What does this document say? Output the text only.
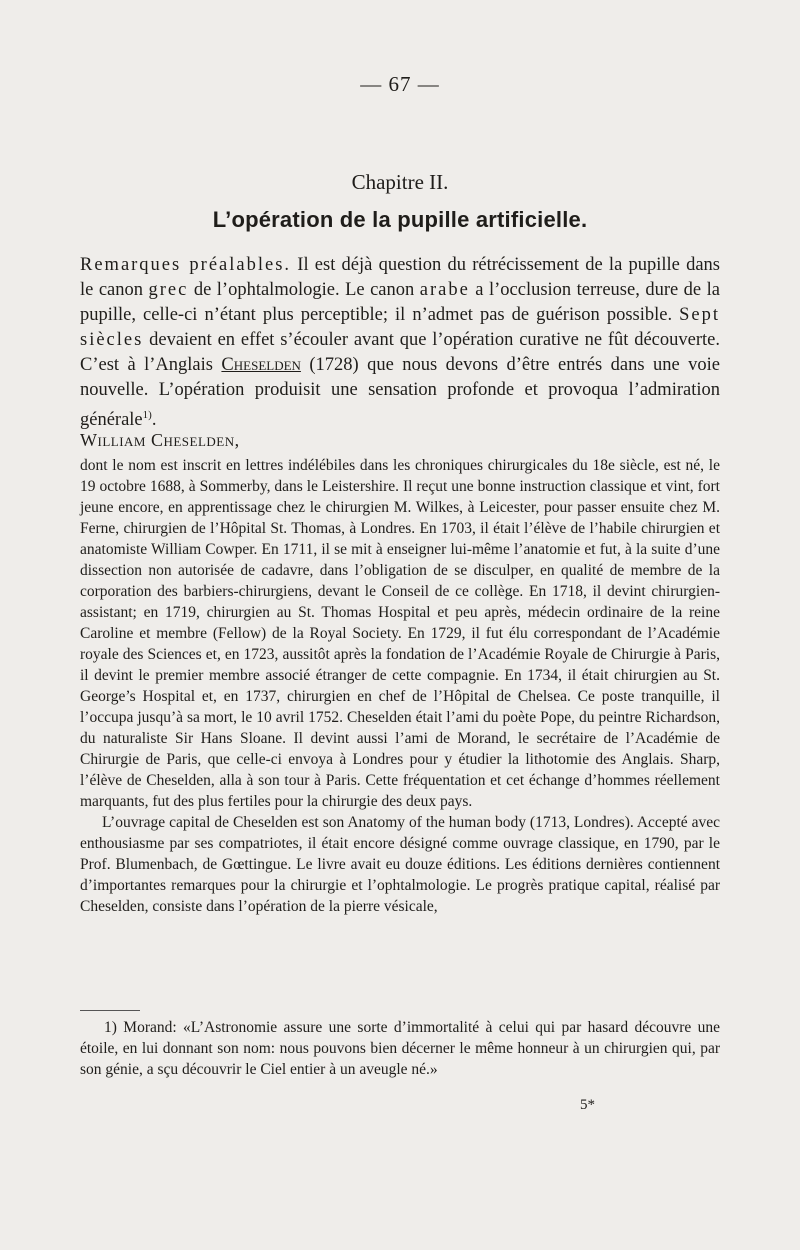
— 67 —
Chapitre II.
L’opération de la pupille artificielle.

Remarques préalables. Il est déjà question du rétrécissement de la pupille dans le canon grec de l’ophtalmologie. Le canon arabe a l’occlusion terreuse, dure de la pupille, celle-ci n’étant plus perceptible; il n’admet pas de guérison possible. Sept siècles devaient en effet s’écouler avant que l’opération curative ne fût découverte. C’est à l’Anglais Cheselden (1728) que nous devons d’être entrés dans une voie nouvelle. L’opération produisit une sensation profonde et provoqua l’admiration générale$^{1)}$.

William Cheselden,

dont le nom est inscrit en lettres indélébiles dans les chroniques chirurgicales du 18e siècle, est né, le 19 octobre 1688, à Sommerby, dans le Leistershire. Il reçut une bonne instruction classique et vint, fort jeune encore, en apprentissage chez le chirurgien M. Wilkes, à Leicester, pour passer ensuite chez M. Ferne, chirurgien de l’Hôpital St. Thomas, à Londres. En 1703, il était l’élève de l’habile chirurgien et anatomiste William Cowper. En 1711, il se mit à enseigner lui-même l’anatomie et fut, à la suite d’une dissection non autorisée de cadavre, dans l’obligation de se disculper, en qualité de membre de la corporation des barbiers-chirurgiens, devant le Conseil de ce collège. En 1718, il devint chirurgien-assistant; en 1719, chirurgien au St. Thomas Hospital et peu après, médecin ordinaire de la reine Caroline et membre (Fellow) de la Royal Society. En 1729, il fut élu correspondant de l’Académie royale des Sciences et, en 1723, aussitôt après la fondation de l’Académie Royale de Chirurgie à Paris, il devint le premier membre associé étranger de cette compagnie. En 1734, il était chirurgien au St. George’s Hospital et, en 1737, chirurgien en chef de l’Hôpital de Chelsea. Ce poste tranquille, il l’occupa jusqu’à sa mort, le 10 avril 1752. Cheselden était l’ami du poète Pope, du peintre Richardson, du naturaliste Sir Hans Sloane. Il devint aussi l’ami de Morand, le secrétaire de l’Académie de Chirurgie de Paris, que celle-ci envoya à Londres pour y étudier la lithotomie des Anglais. Sharp, l’élève de Cheselden, alla à son tour à Paris. Cette fréquentation et cet échange d’hommes réellement marquants, fut des plus fertiles pour la chirurgie des deux pays.

L’ouvrage capital de Cheselden est son Anatomy of the human body (1713, Londres). Accepté avec enthousiasme par ses compatriotes, il était encore désigné comme ouvrage classique, en 1790, par le Prof. Blumenbach, de Gœttingue. Le livre avait eu douze éditions. Les éditions dernières contiennent d’importantes remarques pour la chirurgie et l’ophtalmologie. Le progrès pratique capital, réalisé par Cheselden, consiste dans l’opération de la pierre vésicale,

1) Morand: «L’Astronomie assure une sorte d’immortalité à celui qui par hasard découvre une étoile, en lui donnant son nom: nous pouvons bien décerner le même honneur à un chirurgien qui, par son génie, a sçu découvrir le Ciel entier à un aveugle né.»

5*
